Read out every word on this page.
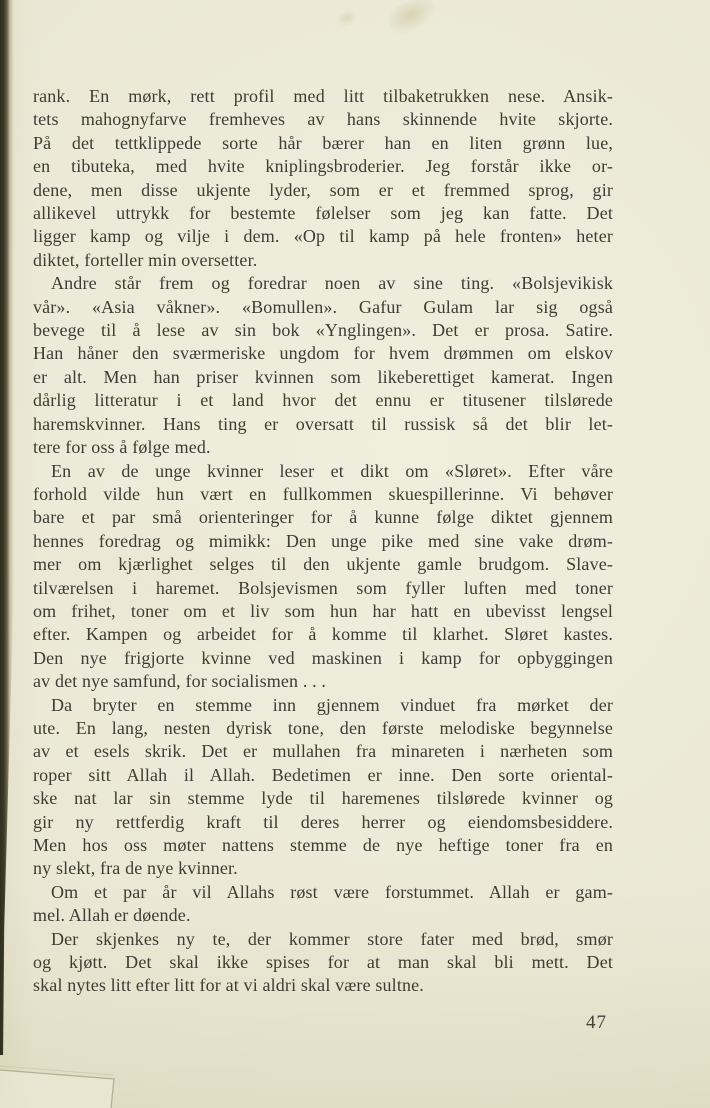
rank. En mørk, rett profil med litt tilbaketrukken nese. Ansik-
tets mahognyfarve fremheves av hans skinnende hvite skjorte.
På det tettklippede sorte hår bærer han en liten grønn lue,
en tibuteka, med hvite kniplingsbroderier. Jeg forstår ikke or-
dene, men disse ukjente lyder, som er et fremmed sprog, gir
allikevel uttrykk for bestemte følelser som jeg kan fatte. Det
ligger kamp og vilje i dem. «Op til kamp på hele fronten» heter
diktet, forteller min oversetter.
Andre står frem og foredrar noen av sine ting. «Bolsjevikisk
vår». «Asia våkner». «Bomullen». Gafur Gulam lar sig også
bevege til å lese av sin bok «Ynglingen». Det er prosa. Satire.
Han håner den sværmeriske ungdom for hvem drømmen om elskov
er alt. Men han priser kvinnen som likeberettiget kamerat. Ingen
dårlig litteratur i et land hvor det ennu er titusener tilslørede
haremskvinner. Hans ting er oversatt til russisk så det blir let-
tere for oss å følge med.
En av de unge kvinner leser et dikt om «Sløret». Efter våre
forhold vilde hun vært en fullkommen skuespillerinne. Vi behøver
bare et par små orienteringer for å kunne følge diktet gjennem
hennes foredrag og mimikk: Den unge pike med sine vake drøm-
mer om kjærlighet selges til den ukjente gamle brudgom. Slave-
tilværelsen i haremet. Bolsjevismen som fyller luften med toner
om frihet, toner om et liv som hun har hatt en ubevisst lengsel
efter. Kampen og arbeidet for å komme til klarhet. Sløret kastes.
Den nye frigjorte kvinne ved maskinen i kamp for opbyggingen
av det nye samfund, for socialismen . . .
Da bryter en stemme inn gjennem vinduet fra mørket der
ute. En lang, nesten dyrisk tone, den første melodiske begynnelse
av et esels skrik. Det er mullahen fra minareten i nærheten som
roper sitt Allah il Allah. Bedetimen er inne. Den sorte oriental-
ske nat lar sin stemme lyde til haremenes tilslørede kvinner og
gir ny rettferdig kraft til deres herrer og eiendomsbesiddere.
Men hos oss møter nattens stemme de nye heftige toner fra en
ny slekt, fra de nye kvinner.
Om et par år vil Allahs røst være forstummet. Allah er gam-
mel. Allah er døende.
Der skjenkes ny te, der kommer store fater med brød, smør
og kjøtt. Det skal ikke spises for at man skal bli mett. Det
skal nytes litt efter litt for at vi aldri skal være sultne.
47
